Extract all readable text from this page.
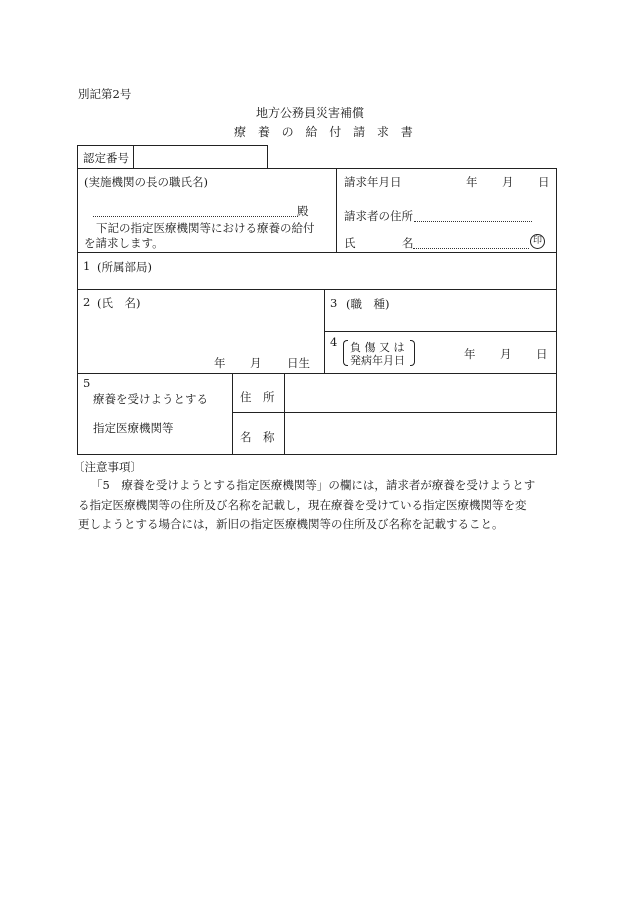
別記第2号
地方公務員災害補償
療 養 の 給 付 請 求 書
認定番号
(実施機関の長の職氏名)
殿
下記の指定医療機関等における療養の給付
を請求します。
請求年月日	年 月 日
請求者の住所
氏	名	印
1 (所属部局)
2 (氏　名)
年 月 日生
3 (職　種)
4 負 傷 又 は
発病年月日	年 月 日
5
療養を受けようとする
指定医療機関等
住　所
名　称
〔注意事項〕
「5　療養を受けようとする指定医療機関等」の欄には，請求者が療養を受けようとす
る指定医療機関等の住所及び名称を記載し，現在療養を受けている指定医療機関等を変
更しようとする場合には，新旧の指定医療機関等の住所及び名称を記載すること。
